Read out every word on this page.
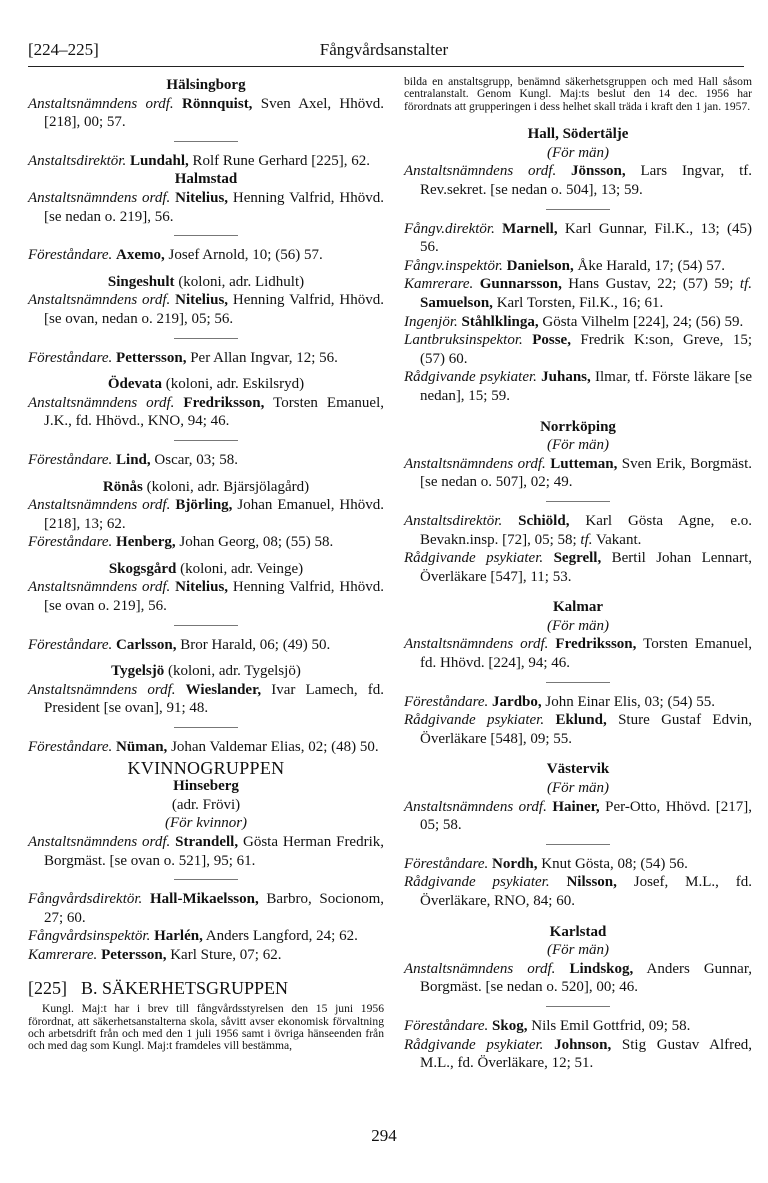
[224–225]	Fångvårdsanstalter

Hälsingborg

Anstaltsnämndens ordf. Rönnquist, Sven Axel, Hhövd. [218], 00; 57.

Anstaltsdirektör. Lundahl, Rolf Rune Gerhard [225], 62.

Halmstad

Anstaltsnämndens ordf. Nitelius, Henning Valfrid, Hhövd. [se nedan o. 219], 56.

Föreståndare. Axemo, Josef Arnold, 10; (56) 57.

Singeshult (koloni, adr. Lidhult)

Anstaltsnämndens ordf. Nitelius, Henning Valfrid, Hhövd. [se ovan, nedan o. 219], 05; 56.

Föreståndare. Pettersson, Per Allan Ingvar, 12; 56.

Ödevata (koloni, adr. Eskilsryd)

Anstaltsnämndens ordf. Fredriksson, Torsten Emanuel, J.K., fd. Hhövd., KNO, 94; 46.

Föreståndare. Lind, Oscar, 03; 58.

Rönås (koloni, adr. Bjärsjölagård)

Anstaltsnämndens ordf. Björling, Johan Emanuel, Hhövd. [218], 13; 62.

Föreståndare. Henberg, Johan Georg, 08; (55) 58.

Skogsgård (koloni, adr. Veinge)

Anstaltsnämndens ordf. Nitelius, Henning Valfrid, Hhövd. [se ovan o. 219], 56.

Föreståndare. Carlsson, Bror Harald, 06; (49) 50.

Tygelsjö (koloni, adr. Tygelsjö)

Anstaltsnämndens ordf. Wieslander, Ivar Lamech, fd. President [se ovan], 91; 48.

Föreståndare. Nüman, Johan Valdemar Elias, 02; (48) 50.

KVINNOGRUPPEN

Hinseberg

(adr. Frövi)

(För kvinnor)

Anstaltsnämndens ordf. Strandell, Gösta Herman Fredrik, Borgmäst. [se ovan o. 521], 95; 61.

Fångvårdsdirektör. Hall-Mikaelsson, Barbro, Socionom, 27; 60.

Fångvårdsinspektör. Harlén, Anders Langford, 24; 62.

Kamrerare. Petersson, Karl Sture, 07; 62.

[225] B. SÄKERHETSGRUPPEN

Kungl. Maj:t har i brev till fångvårdsstyrelsen den 15 juni 1956 förordnat, att säkerhetsanstalterna skola, såvitt avser ekonomisk förvaltning och arbetsdrift från och med den 1 juli 1956 samt i övriga hänseenden från och med dag som Kungl. Maj:t framdeles vill bestämma,

bilda en anstaltsgrupp, benämnd säkerhetsgruppen och med Hall såsom centralanstalt. Genom Kungl. Maj:ts beslut den 14 dec. 1956 har förordnats att grupperingen i dess helhet skall träda i kraft den 1 jan. 1957.

Hall, Södertälje

(För män)

Anstaltsnämndens ordf. Jönsson, Lars Ingvar, tf. Rev.sekret. [se nedan o. 504], 13; 59.

Fångv.direktör. Marnell, Karl Gunnar, Fil.K., 13; (45) 56.

Fångv.inspektör. Danielson, Åke Harald, 17; (54) 57.

Kamrerare. Gunnarsson, Hans Gustav, 22; (57) 59; tf. Samuelson, Karl Torsten, Fil.K., 16; 61.

Ingenjör. Ståhlklinga, Gösta Vilhelm [224], 24; (56) 59.

Lantbruksinspektor. Posse, Fredrik K:son, Greve, 15; (57) 60.

Rådgivande psykiater. Juhans, Ilmar, tf. Förste läkare [se nedan], 15; 59.

Norrköping

(För män)

Anstaltsnämndens ordf. Lutteman, Sven Erik, Borgmäst. [se nedan o. 507], 02; 49.

Anstaltsdirektör. Schiöld, Karl Gösta Agne, e.o. Bevakn.insp. [72], 05; 58; tf. Vakant.

Rådgivande psykiater. Segrell, Bertil Johan Lennart, Överläkare [547], 11; 53.

Kalmar

(För män)

Anstaltsnämndens ordf. Fredriksson, Torsten Emanuel, fd. Hhövd. [224], 94; 46.

Föreståndare. Jardbo, John Einar Elis, 03; (54) 55.

Rådgivande psykiater. Eklund, Sture Gustaf Edvin, Överläkare [548], 09; 55.

Västervik

(För män)

Anstaltsnämndens ordf. Hainer, Per-Otto, Hhövd. [217], 05; 58.

Föreståndare. Nordh, Knut Gösta, 08; (54) 56.

Rådgivande psykiater. Nilsson, Josef, M.L., fd. Överläkare, RNO, 84; 60.

Karlstad

(För män)

Anstaltsnämndens ordf. Lindskog, Anders Gunnar, Borgmäst. [se nedan o. 520], 00; 46.

Föreståndare. Skog, Nils Emil Gottfrid, 09; 58.

Rådgivande psykiater. Johnson, Stig Gustav Alfred, M.L., fd. Överläkare, 12; 51.

294
